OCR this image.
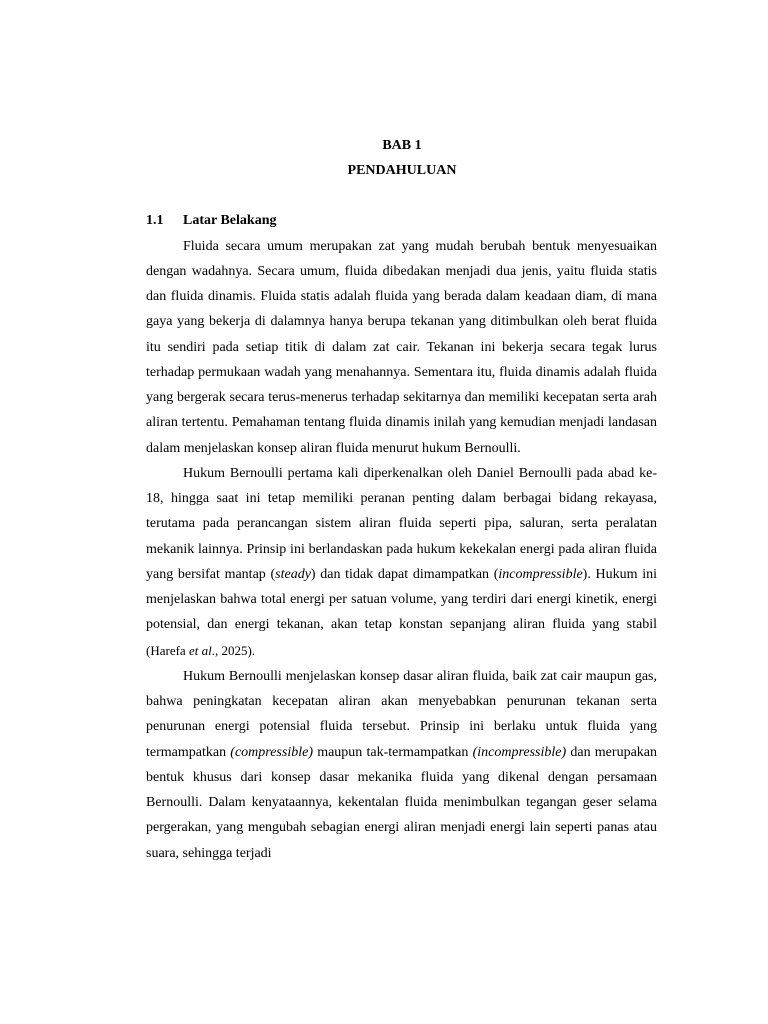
BAB 1
PENDAHULUAN
1.1 Latar Belakang

Fluida secara umum merupakan zat yang mudah berubah bentuk menyesuaikan dengan wadahnya. Secara umum, fluida dibedakan menjadi dua jenis, yaitu fluida statis dan fluida dinamis. Fluida statis adalah fluida yang berada dalam keadaan diam, di mana gaya yang bekerja di dalamnya hanya berupa tekanan yang ditimbulkan oleh berat fluida itu sendiri pada setiap titik di dalam zat cair. Tekanan ini bekerja secara tegak lurus terhadap permukaan wadah yang menahannya. Sementara itu, fluida dinamis adalah fluida yang bergerak secara terus-menerus terhadap sekitarnya dan memiliki kecepatan serta arah aliran tertentu. Pemahaman tentang fluida dinamis inilah yang kemudian menjadi landasan dalam menjelaskan konsep aliran fluida menurut hukum Bernoulli.

Hukum Bernoulli pertama kali diperkenalkan oleh Daniel Bernoulli pada abad ke-18, hingga saat ini tetap memiliki peranan penting dalam berbagai bidang rekayasa, terutama pada perancangan sistem aliran fluida seperti pipa, saluran, serta peralatan mekanik lainnya. Prinsip ini berlandaskan pada hukum kekekalan energi pada aliran fluida yang bersifat mantap (steady) dan tidak dapat dimampatkan (incompressible). Hukum ini menjelaskan bahwa total energi per satuan volume, yang terdiri dari energi kinetik, energi potensial, dan energi tekanan, akan tetap konstan sepanjang aliran fluida yang stabil (Harefa et al., 2025).

Hukum Bernoulli menjelaskan konsep dasar aliran fluida, baik zat cair maupun gas, bahwa peningkatan kecepatan aliran akan menyebabkan penurunan tekanan serta penurunan energi potensial fluida tersebut. Prinsip ini berlaku untuk fluida yang termampatkan (compressible) maupun tak-termampatkan (incompressible) dan merupakan bentuk khusus dari konsep dasar mekanika fluida yang dikenal dengan persamaan Bernoulli. Dalam kenyataannya, kekentalan fluida menimbulkan tegangan geser selama pergerakan, yang mengubah sebagian energi aliran menjadi energi lain seperti panas atau suara, sehingga terjadi
